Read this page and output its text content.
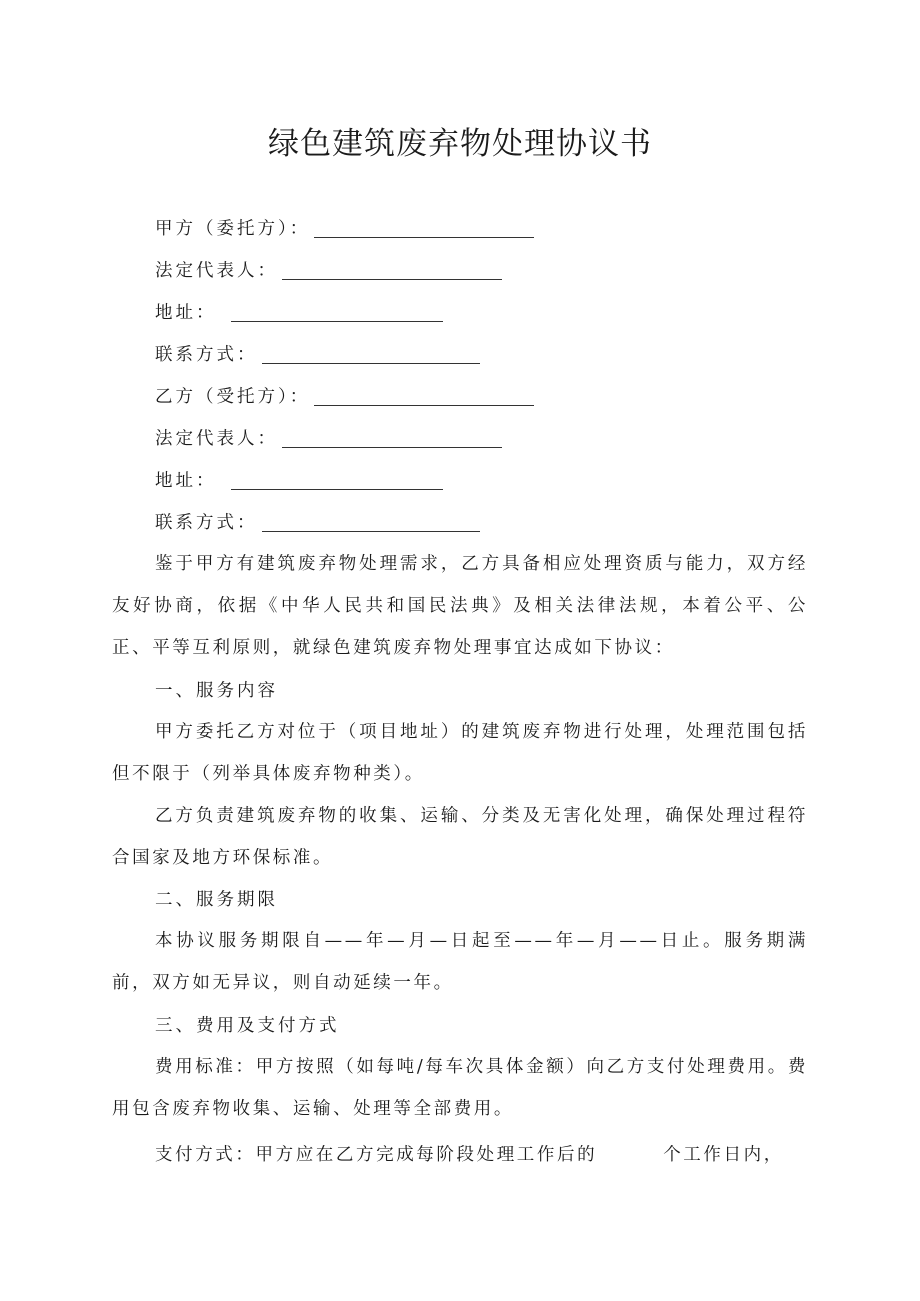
绿色建筑废弃物处理协议书
甲方（委托方）：
法定代表人：
地址：
联系方式：
乙方（受托方）：
法定代表人：
地址：
联系方式：

鉴于甲方有建筑废弃物处理需求，乙方具备相应处理资质与能力，双方经友好协商，依据《中华人民共和国民法典》及相关法律法规，本着公平、公正、平等互利原则，就绿色建筑废弃物处理事宜达成如下协议：

一、服务内容

甲方委托乙方对位于（项目地址）的建筑废弃物进行处理，处理范围包括但不限于（列举具体废弃物种类）。

乙方负责建筑废弃物的收集、运输、分类及无害化处理，确保处理过程符合国家及地方环保标准。

二、服务期限

本协议服务期限自——年—月—日起至——年—月——日止。服务期满前，双方如无异议，则自动延续一年。

三、费用及支付方式

费用标准：甲方按照（如每吨/每车次具体金额）向乙方支付处理费用。费用包含废弃物收集、运输、处理等全部费用。

支付方式：甲方应在乙方完成每阶段处理工作后的	个工作日内，
